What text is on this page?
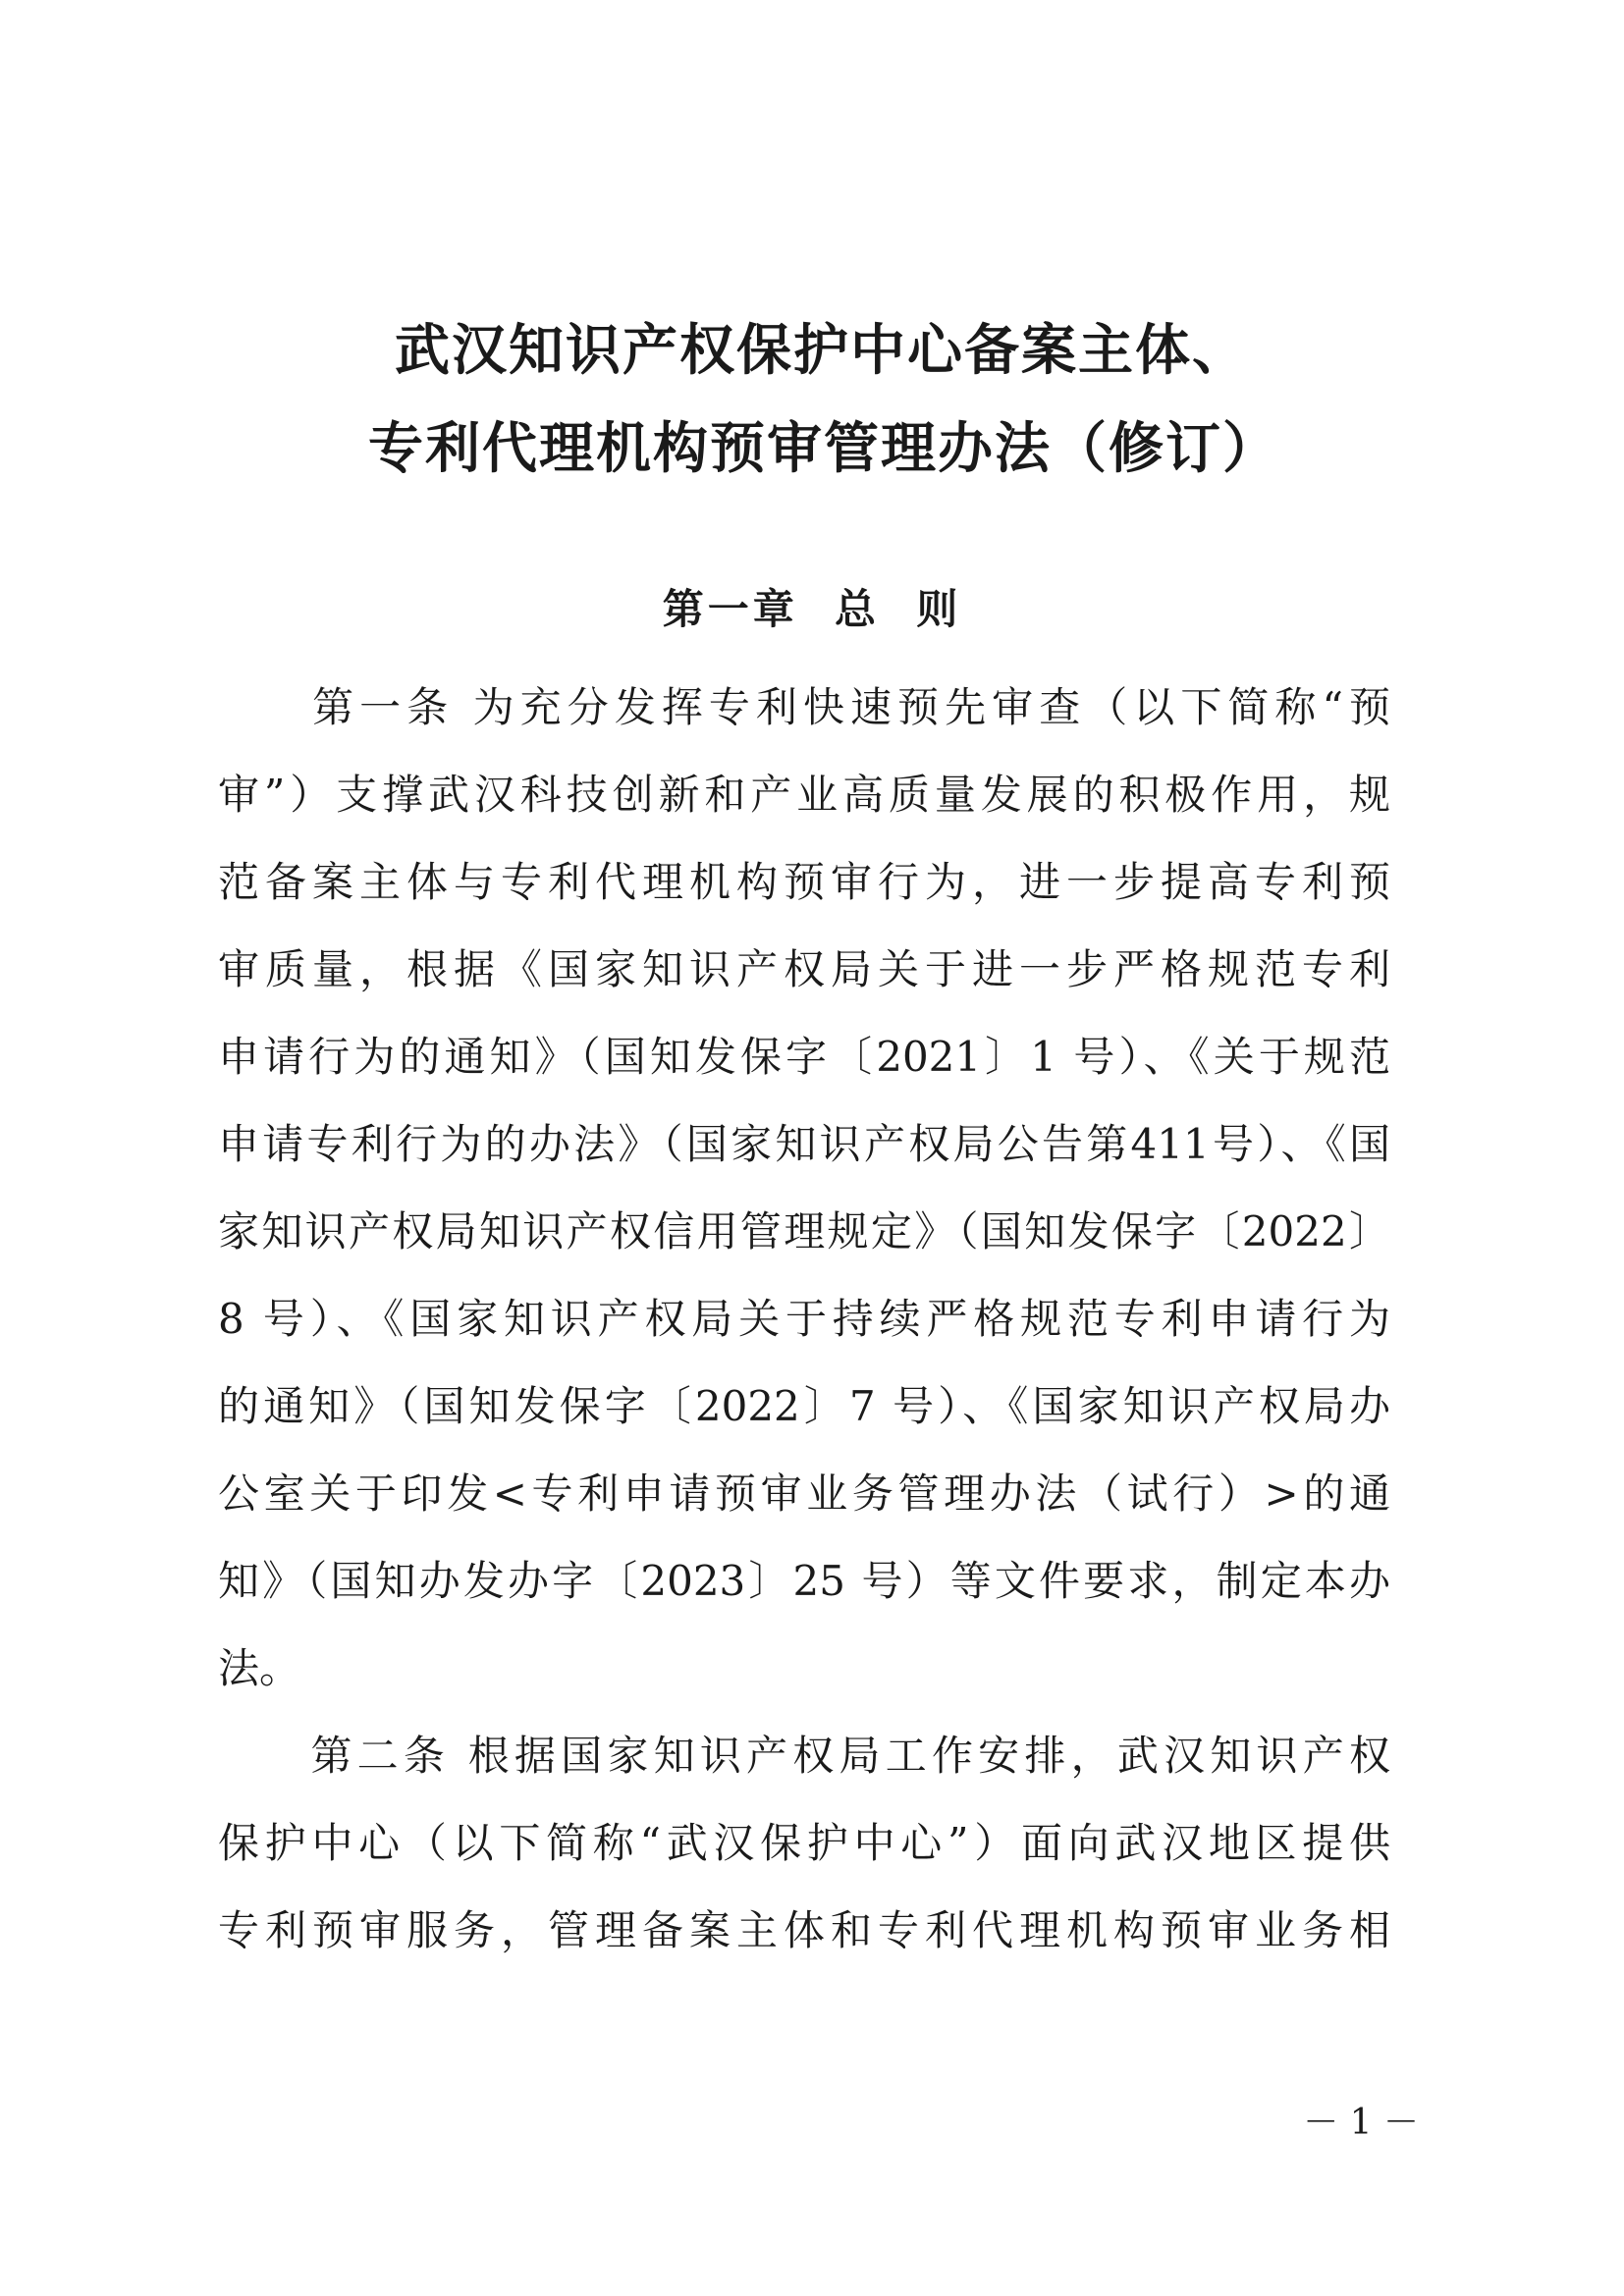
武汉知识产权保护中心备案主体、
专利代理机构预审管理办法（修订）
第一章  总  则
　　第一条 为充分发挥专利快速预先审查（以下简称“预
审”）支撑武汉科技创新和产业高质量发展的积极作用，规
范备案主体与专利代理机构预审行为，进一步提高专利预
审质量，根据《国家知识产权局关于进一步严格规范专利
申请行为的通知》（国知发保字〔2021〕1 号）、《关于规范
申请专利行为的办法》（国家知识产权局公告第411号）、《国
家知识产权局知识产权信用管理规定》（国知发保字〔2022〕
8 号）、《国家知识产权局关于持续严格规范专利申请行为
的通知》（国知发保字〔2022〕7 号）、《国家知识产权局办
公室关于印发<专利申请预审业务管理办法（试行）>的通
知》（国知办发办字〔2023〕25 号）等文件要求，制定本办
法。
　　第二条 根据国家知识产权局工作安排，武汉知识产权
保护中心（以下简称“武汉保护中心”）面向武汉地区提供
专利预审服务，管理备案主体和专利代理机构预审业务相
－ 1 －
